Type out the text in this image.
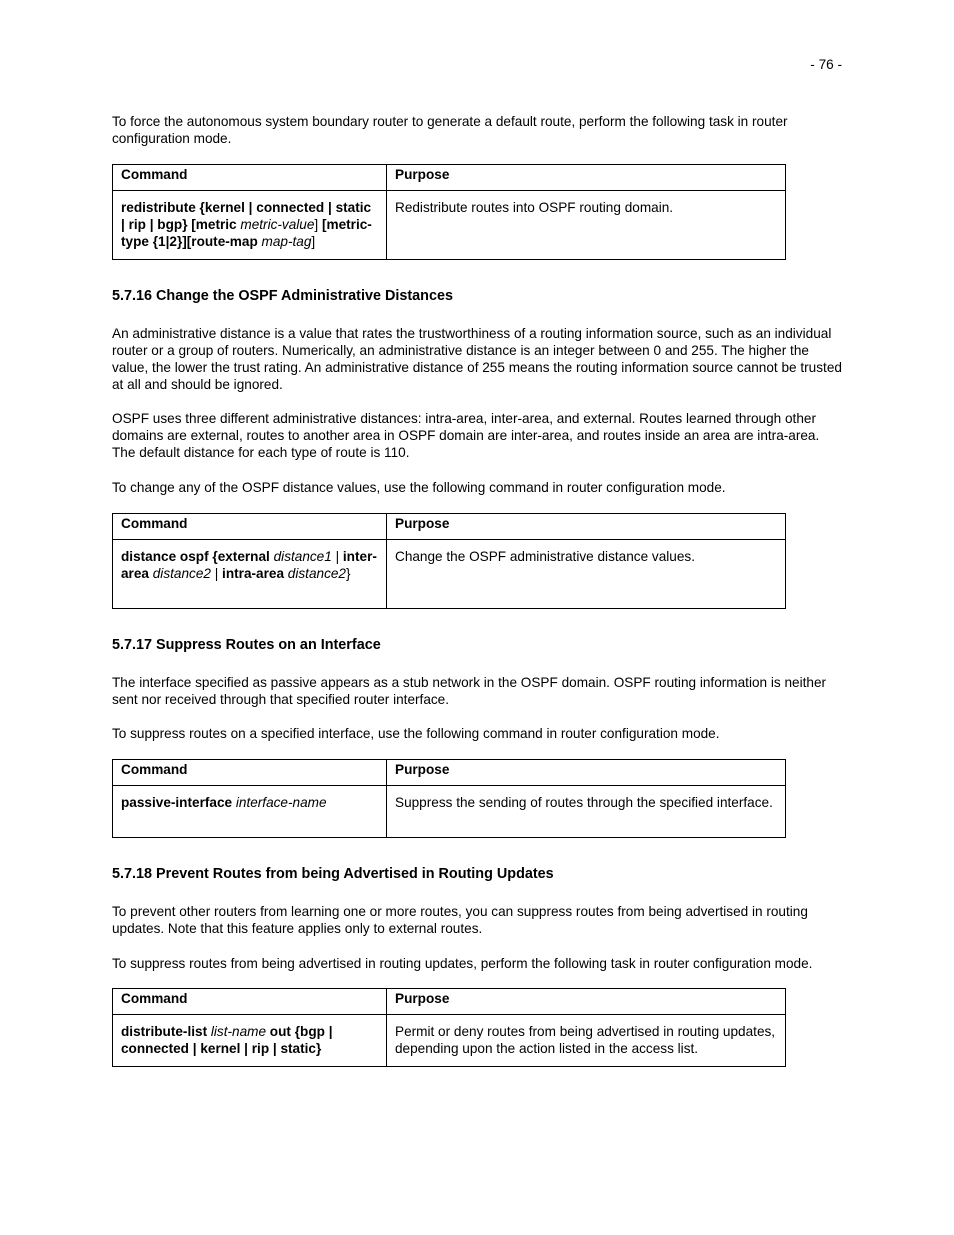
- 76 -

To force the autonomous system boundary router to generate a default route, perform the following task in router configuration mode.

Command	Purpose
redistribute {kernel | connected | static | rip | bgp} [metric metric-value] [metric-type {1|2}][route-map map-tag]	Redistribute routes into OSPF routing domain.
5.7.16 Change the OSPF Administrative Distances

An administrative distance is a value that rates the trustworthiness of a routing information source, such as an individual router or a group of routers. Numerically, an administrative distance is an integer between 0 and 255. The higher the value, the lower the trust rating. An administrative distance of 255 means the routing information source cannot be trusted at all and should be ignored.

OSPF uses three different administrative distances: intra-area, inter-area, and external. Routes learned through other domains are external, routes to another area in OSPF domain are inter-area, and routes inside an area are intra-area. The default distance for each type of route is 110.

To change any of the OSPF distance values, use the following command in router configuration mode.

Command	Purpose
distance ospf {external distance1 | inter-area distance2 | intra-area distance2}	Change the OSPF administrative distance values.
5.7.17 Suppress Routes on an Interface

The interface specified as passive appears as a stub network in the OSPF domain. OSPF routing information is neither sent nor received through that specified router interface.

To suppress routes on a specified interface, use the following command in router configuration mode.

Command	Purpose
passive-interface interface-name	Suppress the sending of routes through the specified interface.
5.7.18 Prevent Routes from being Advertised in Routing Updates

To prevent other routers from learning one or more routes, you can suppress routes from being advertised in routing updates. Note that this feature applies only to external routes.

To suppress routes from being advertised in routing updates, perform the following task in router configuration mode.

Command	Purpose
distribute-list list-name out {bgp | connected | kernel | rip | static}	Permit or deny routes from being advertised in routing updates, depending upon the action listed in the access list.
